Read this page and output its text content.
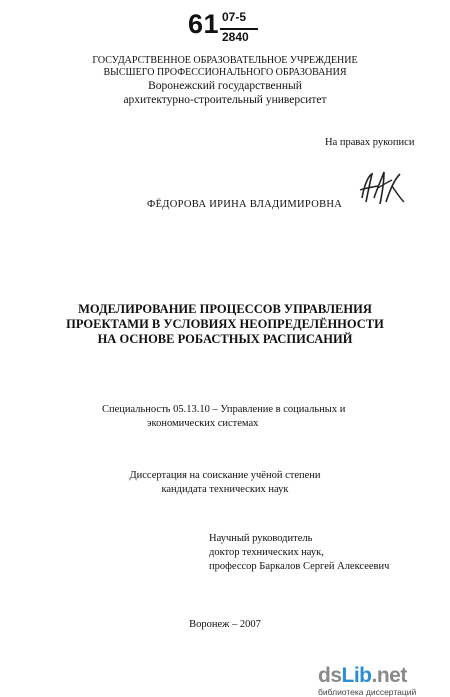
61 07-5
2840
ГОСУДАРСТВЕННОЕ ОБРАЗОВАТЕЛЬНОЕ УЧРЕЖДЕНИЕ
ВЫСШЕГО ПРОФЕССИОНАЛЬНОГО ОБРАЗОВАНИЯ
Воронежский государственный
архитектурно-строительный университет
На правах рукописи
ФЁДОРОВА ИРИНА ВЛАДИМИРОВНА
МОДЕЛИРОВАНИЕ ПРОЦЕССОВ УПРАВЛЕНИЯ
ПРОЕКТАМИ В УСЛОВИЯХ НЕОПРЕДЕЛЁННОСТИ
НА ОСНОВЕ РОБАСТНЫХ РАСПИСАНИЙ
Специальность 05.13.10 – Управление в социальных и
экономических системах
Диссертация на соискание учёной степени
кандидата технических наук
Научный руководитель
доктор технических наук,
профессор Баркалов Сергей Алексеевич
Воронеж – 2007
dsLib.net
библиотека диссертаций
